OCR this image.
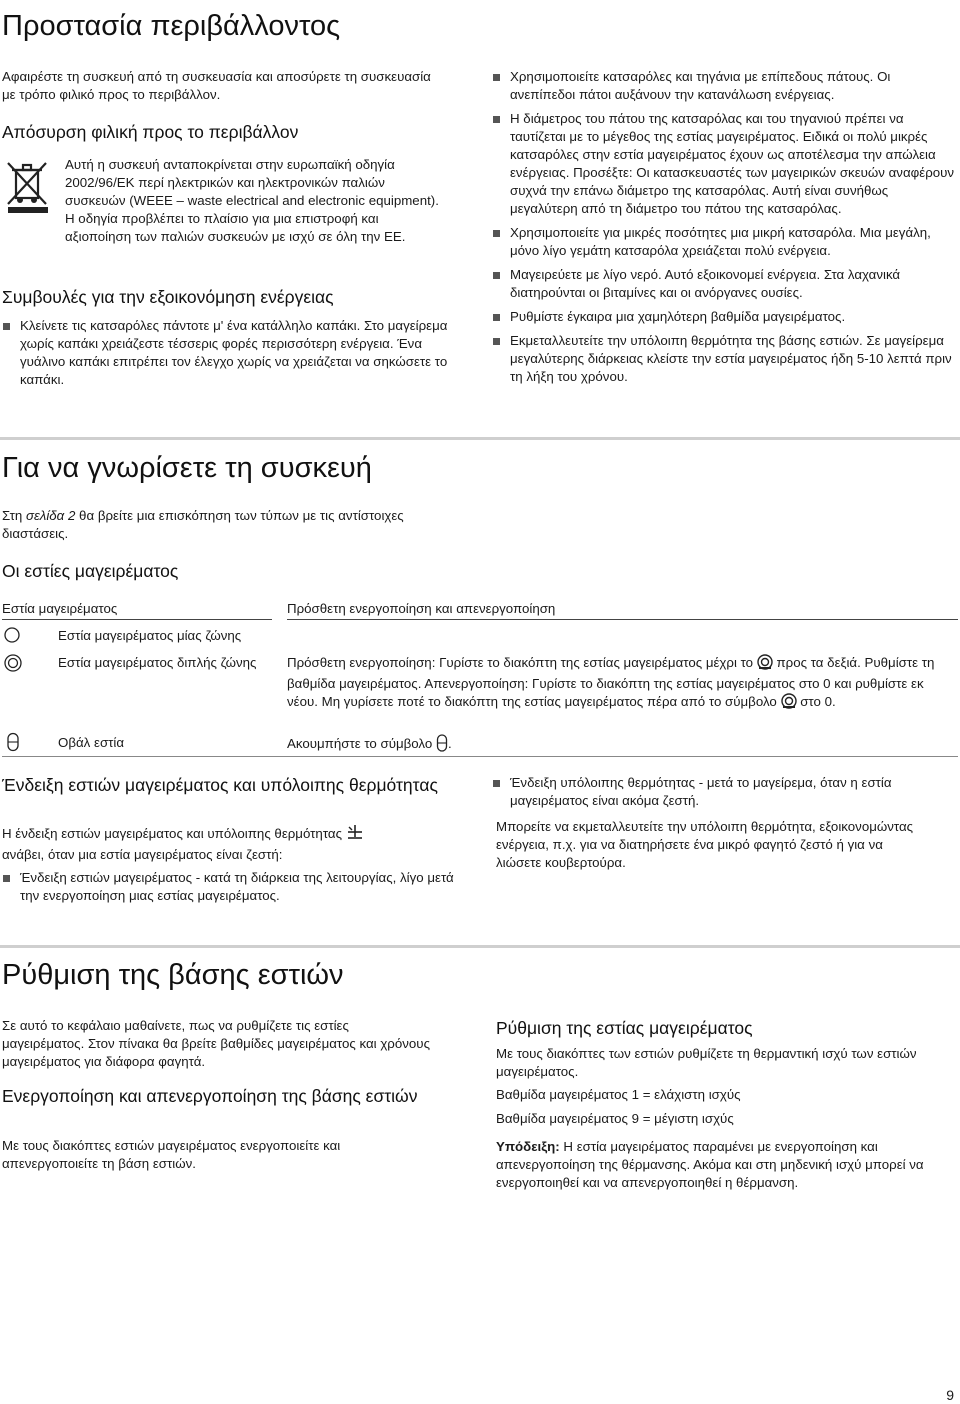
Προστασία περιβάλλοντος

Αφαιρέστε τη συσκευή από τη συσκευασία και αποσύρετε τη συσκευασία με τρόπο φιλικό προς το περιβάλλον.

Απόσυρση φιλική προς το περιβάλλον

Αυτή η συσκευή ανταποκρίνεται στην ευρωπαϊκή οδηγία 2002/96/ΕΚ περί ηλεκτρικών και ηλεκτρονικών παλιών συσκευών (WEEE – waste electrical and electronic equipment). Η οδηγία προβλέπει το πλαίσιο για μια επιστροφή και αξιοποίηση των παλιών συσκευών με ισχύ σε όλη την ΕΕ.

Συμβουλές για την εξοικονόμηση ενέργειας
Κλείνετε τις κατσαρόλες πάντοτε μ' ένα κατάλληλο καπάκι. Στο μαγείρεμα χωρίς καπάκι χρειάζεστε τέσσερις φορές περισσότερη ενέργεια. Ένα γυάλινο καπάκι επιτρέπει τον έλεγχο χωρίς να χρειάζεται να σηκώσετε το καπάκι.
Χρησιμοποιείτε κατσαρόλες και τηγάνια με επίπεδους πάτους. Οι ανεπίπεδοι πάτοι αυξάνουν την κατανάλωση ενέργειας.
Η διάμετρος του πάτου της κατσαρόλας και του τηγανιού πρέπει να ταυτίζεται με το μέγεθος της εστίας μαγειρέματος. Ειδικά οι πολύ μικρές κατσαρόλες στην εστία μαγειρέματος έχουν ως αποτέλεσμα την απώλεια ενέργειας. Προσέξτε: Οι κατασκευαστές των μαγειρικών σκευών αναφέρουν συχνά την επάνω διάμετρο της κατσαρόλας. Αυτή είναι συνήθως μεγαλύτερη από τη διάμετρο του πάτου της κατσαρόλας.
Χρησιμοποιείτε για μικρές ποσότητες μια μικρή κατσαρόλα. Μια μεγάλη, μόνο λίγο γεμάτη κατσαρόλα χρειάζεται πολύ ενέργεια.
Μαγειρεύετε με λίγο νερό. Αυτό εξοικονομεί ενέργεια. Στα λαχανικά διατηρούνται οι βιταμίνες και οι ανόργανες ουσίες.
Ρυθμίστε έγκαιρα μια χαμηλότερη βαθμίδα μαγειρέματος.
Εκμεταλλευτείτε την υπόλοιπη θερμότητα της βάσης εστιών. Σε μαγείρεμα μεγαλύτερης διάρκειας κλείστε την εστία μαγειρέματος ήδη 5-10 λεπτά πριν τη λήξη του χρόνου.
Για να γνωρίσετε τη συσκευή

Στη σελίδα 2 θα βρείτε μια επισκόπηση των τύπων με τις αντίστοιχες διαστάσεις.

Οι εστίες μαγειρέματος
Εστία μαγειρέματος	Πρόσθετη ενεργοποίηση και απενεργοποίηση
Εστία μαγειρέματος μίας ζώνης
Εστία μαγειρέματος διπλής ζώνης Πρόσθετη ενεργοποίηση: Γυρίστε το διακόπτη της εστίας μαγειρέματος μέχρι το προς τα δεξιά. Ρυθμίστε τη βαθμίδα μαγειρέματος. Απενεργοποίηση: Γυρίστε το διακόπτη της εστίας μαγειρέματος στο 0 και ρυθμίστε εκ νέου. Μη γυρίσετε ποτέ το διακόπτη της εστίας μαγειρέματος πέρα από το σύμβολο στο 0.
Οβάλ εστία	Ακουμπήστε το σύμβολο .
Ένδειξη εστιών μαγειρέματος και υπόλοιπης θερμότητας

Η ένδειξη εστιών μαγειρέματος και υπόλοιπης θερμότητας
ανάβει, όταν μια εστία μαγειρέματος είναι ζεστή:

Ένδειξη εστιών μαγειρέματος - κατά τη διάρκεια της λειτουργίας, λίγο μετά την ενεργοποίηση μιας εστίας μαγειρέματος.
Ένδειξη υπόλοιπης θερμότητας - μετά το μαγείρεμα, όταν η εστία μαγειρέματος είναι ακόμα ζεστή.

Μπορείτε να εκμεταλλευτείτε την υπόλοιπη θερμότητα, εξοικονομώντας ενέργεια, π.χ. για να διατηρήσετε ένα μικρό φαγητό ζεστό ή για να λιώσετε κουβερτούρα.

Ρύθμιση της βάσης εστιών

Σε αυτό το κεφάλαιο μαθαίνετε, πως να ρυθμίζετε τις εστίες μαγειρέματος. Στον πίνακα θα βρείτε βαθμίδες μαγειρέματος και χρόνους μαγειρέματος για διάφορα φαγητά.

Ενεργοποίηση και απενεργοποίηση της βάσης εστιών

Με τους διακόπτες εστιών μαγειρέματος ενεργοποιείτε και απενεργοποιείτε τη βάση εστιών.

Ρύθμιση της εστίας μαγειρέματος

Με τους διακόπτες των εστιών ρυθμίζετε τη θερμαντική ισχύ των εστιών μαγειρέματος.

Βαθμίδα μαγειρέματος 1 = ελάχιστη ισχύς

Βαθμίδα μαγειρέματος 9 = μέγιστη ισχύς

Υπόδειξη: Η εστία μαγειρέματος παραμένει με ενεργοποίηση και απενεργοποίηση της θέρμανσης. Ακόμα και στη μηδενική ισχύ μπορεί να ενεργοποιηθεί και να απενεργοποιηθεί η θέρμανση.

9
